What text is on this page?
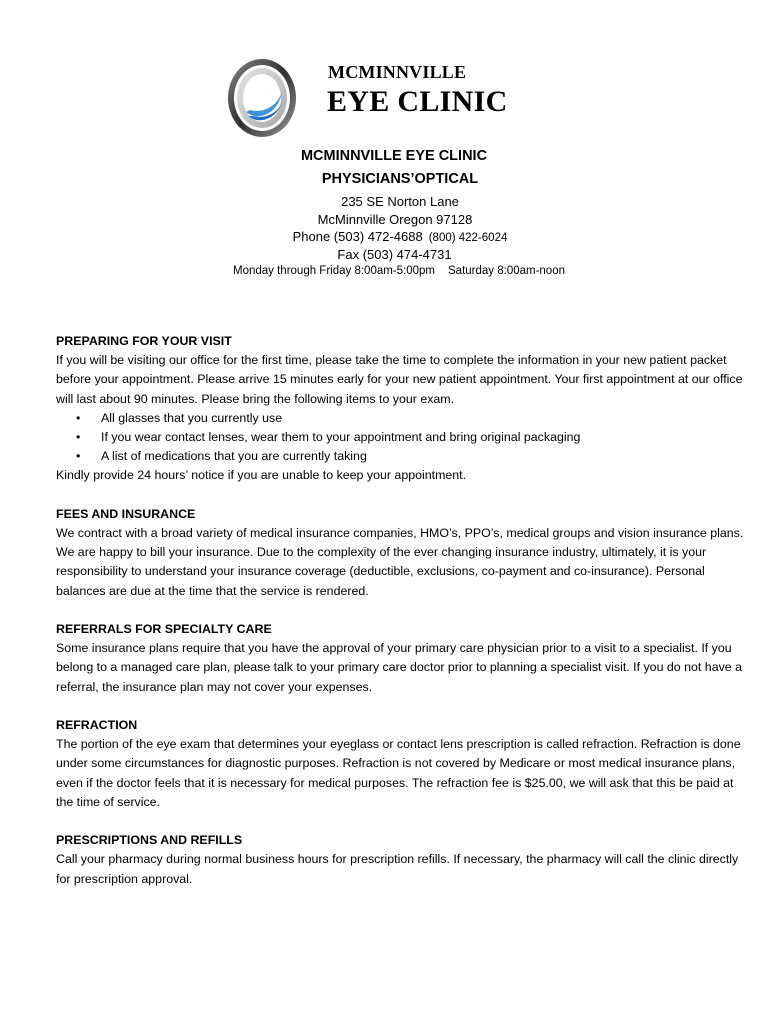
MCMINNVILLE
EYE CLINIC
MCMINNVILLE EYE CLINIC
PHYSICIANS’OPTICAL
235 SE Norton Lane
McMinnville Oregon 97128
Phone (503) 472-4688 (800) 422-6024
Fax (503) 474-4731
Monday through Friday 8:00am-5:00pm Saturday 8:00am-noon
PREPARING FOR YOUR VISIT

If you will be visiting our office for the first time, please take the time to complete the information in your new patient packet before your appointment. Please arrive 15 minutes early for your new patient appointment. Your first appointment at our office will last about 90 minutes. Please bring the following items to your exam.

• All glasses that you currently use
• If you wear contact lenses, wear them to your appointment and bring original packaging
• A list of medications that you are currently taking

Kindly provide 24 hours’ notice if you are unable to keep your appointment.

FEES AND INSURANCE

We contract with a broad variety of medical insurance companies, HMO’s, PPO’s, medical groups and vision insurance plans. We are happy to bill your insurance. Due to the complexity of the ever changing insurance industry, ultimately, it is your responsibility to understand your insurance coverage (deductible, exclusions, co-payment and co-insurance). Personal balances are due at the time that the service is rendered.

REFERRALS FOR SPECIALTY CARE

Some insurance plans require that you have the approval of your primary care physician prior to a visit to a specialist. If you belong to a managed care plan, please talk to your primary care doctor prior to planning a specialist visit. If you do not have a referral, the insurance plan may not cover your expenses.

REFRACTION

The portion of the eye exam that determines your eyeglass or contact lens prescription is called refraction. Refraction is done under some circumstances for diagnostic purposes. Refraction is not covered by Medicare or most medical insurance plans, even if the doctor feels that it is necessary for medical purposes. The refraction fee is $25.00, we will ask that this be paid at the time of service.

PRESCRIPTIONS AND REFILLS

Call your pharmacy during normal business hours for prescription refills. If necessary, the pharmacy will call the clinic directly for prescription approval.
